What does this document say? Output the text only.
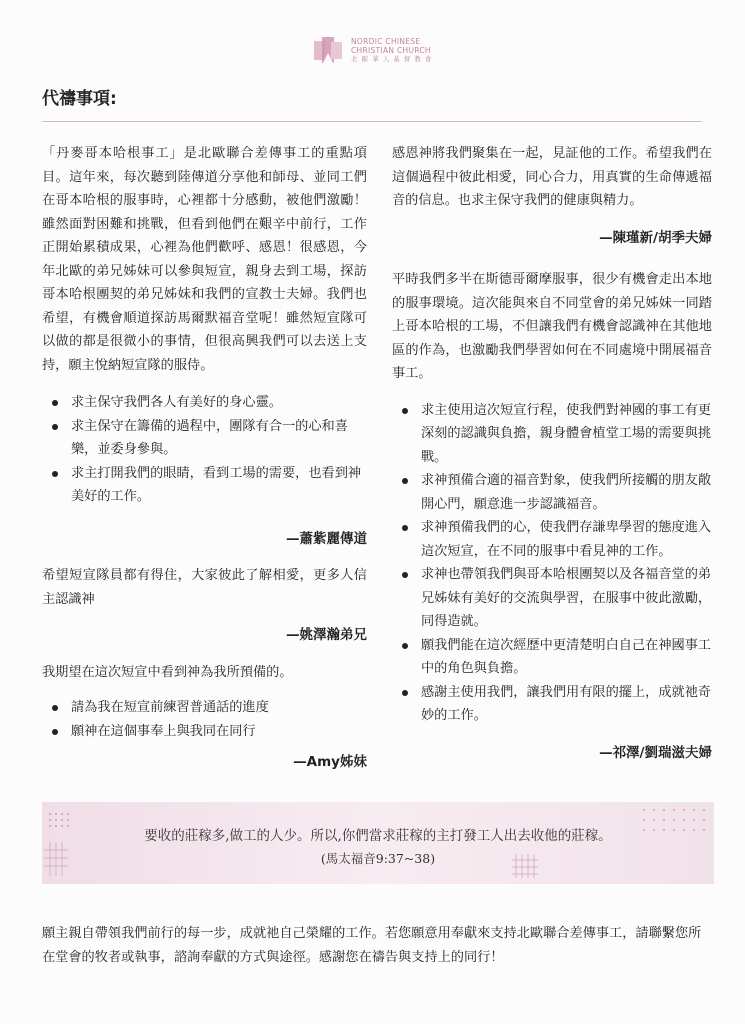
NORDIC CHINESE
CHRISTIAN CHURCH
北 歐 華 人 基 督 教 會
代禱事項:

「丹麥哥本哈根事工」是北歐聯合差傳事工的重點項目。這年來，每次聽到陸傳道分享他和師母、並同工們在哥本哈根的服事時，心裡都十分感動，被他們激勵！雖然面對困難和挑戰，但看到他們在艱辛中前行，工作正開始累積成果，心裡為他們歡呼、感恩！很感恩，今年北歐的弟兄姊妹可以參與短宣，親身去到工場，探訪哥本哈根團契的弟兄姊妹和我們的宣教士夫婦。我們也希望，有機會順道探訪馬爾默福音堂呢！雖然短宣隊可以做的都是很微小的事情，但很高興我們可以去送上支持，願主悅納短宣隊的服侍。

求主保守我們各人有美好的身心靈。
求主保守在籌備的過程中，團隊有合一的心和喜樂，並委身參與。
求主打開我們的眼睛，看到工場的需要，也看到神美好的工作。

—蕭紫麗傳道

希望短宣隊員都有得住，大家彼此了解相愛，更多人信主認識神

—姚澤瀚弟兄

我期望在這次短宣中看到神為我所預備的。

請為我在短宣前練習普通話的進度
願神在這個事奉上與我同在同行

—Amy姊妹

感恩神將我們聚集在一起，見証他的工作。希望我們在這個過程中彼此相愛，同心合力，用真實的生命傳遞福音的信息。也求主保守我們的健康與精力。

—陳瑾新/胡季夫婦

平時我們多半在斯德哥爾摩服事，很少有機會走出本地的服事環境。這次能與來自不同堂會的弟兄姊妹一同踏上哥本哈根的工場，不但讓我們有機會認識神在其他地區的作為，也激勵我們學習如何在不同處境中開展福音事工。

求主使用這次短宣行程，使我們對神國的事工有更深刻的認識與負擔，親身體會植堂工場的需要與挑戰。
求神預備合適的福音對象，使我們所接觸的朋友敞開心門，願意進一步認識福音。
求神預備我們的心，使我們存謙卑學習的態度進入這次短宣，在不同的服事中看見神的工作。
求神也帶領我們與哥本哈根團契以及各福音堂的弟兄姊妹有美好的交流與學習，在服事中彼此激勵，同得造就。
願我們能在這次經歷中更清楚明白自己在神國事工中的角色與負擔。
感謝主使用我們，讓我們用有限的擺上，成就祂奇妙的工作。

—祁澤/劉瑞滋夫婦

要收的莊稼多,做工的人少。所以,你們當求莊稼的主打發工人出去收他的莊稼。
(馬太福音9:37~38)

願主親自帶領我們前行的每一步，成就祂自己榮耀的工作。若您願意用奉獻來支持北歐聯合差傳事工，請聯繫您所在堂會的牧者或執事，諮詢奉獻的方式與途徑。感謝您在禱告與支持上的同行！
